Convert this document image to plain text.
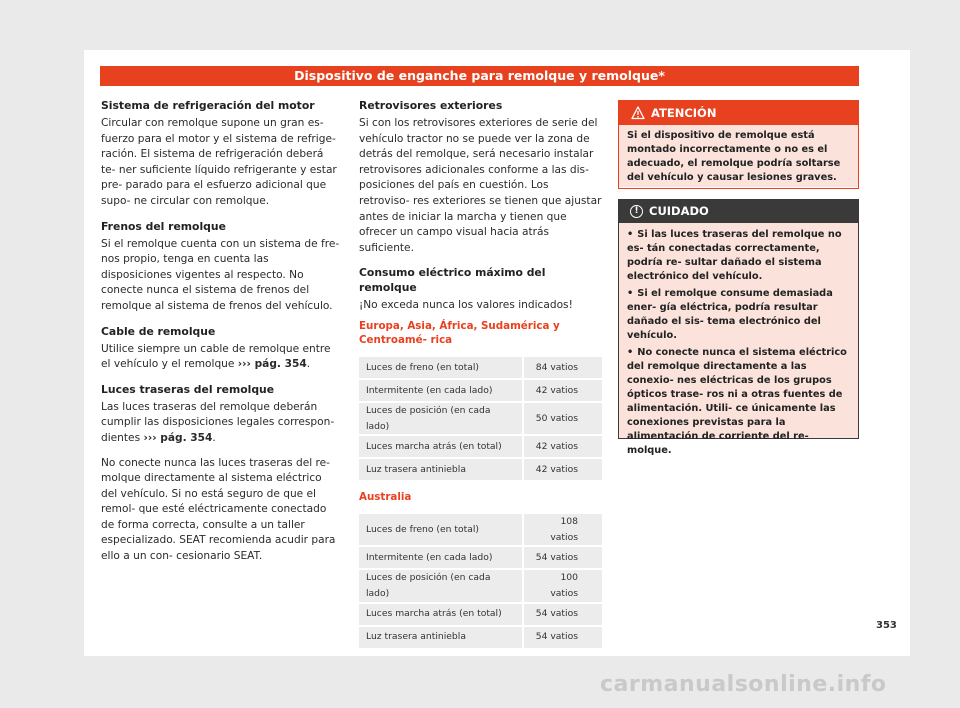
Dispositivo de enganche para remolque y remolque*
Sistema de refrigeración del motor

Circular con remolque supone un gran es- fuerzo para el motor y el sistema de refrige- ración. El sistema de refrigeración deberá te- ner suficiente líquido refrigerante y estar pre- parado para el esfuerzo adicional que supo- ne circular con remolque.

Frenos del remolque

Si el remolque cuenta con un sistema de fre- nos propio, tenga en cuenta las disposiciones vigentes al respecto. No conecte nunca el sistema de frenos del remolque al sistema de frenos del vehículo.

Cable de remolque

Utilice siempre un cable de remolque entre el vehículo y el remolque ››› pág. 354.

Luces traseras del remolque

Las luces traseras del remolque deberán cumplir las disposiciones legales correspon- dientes ››› pág. 354.

No conecte nunca las luces traseras del re- molque directamente al sistema eléctrico del vehículo. Si no está seguro de que el remol- que esté eléctricamente conectado de forma correcta, consulte a un taller especializado. SEAT recomienda acudir para ello a un con- cesionario SEAT.

Retrovisores exteriores

Si con los retrovisores exteriores de serie del vehículo tractor no se puede ver la zona de detrás del remolque, será necesario instalar retrovisores adicionales conforme a las dis- posiciones del país en cuestión. Los retroviso- res exteriores se tienen que ajustar antes de iniciar la marcha y tienen que ofrecer un campo visual hacia atrás suficiente.

Consumo eléctrico máximo del remolque

¡No exceda nunca los valores indicados!

Europa, Asia, África, Sudamérica y Centroamé- rica
Luces de freno (en total)	84 vatios
Intermitente (en cada lado)	42 vatios
Luces de posición (en cada lado)	50 vatios
Luces marcha atrás (en total)	42 vatios
Luz trasera antiniebla	42 vatios
Australia
Luces de freno (en total)	108 vatios
Intermitente (en cada lado)	54 vatios
Luces de posición (en cada lado)	100 vatios
Luces marcha atrás (en total)	54 vatios
Luz trasera antiniebla	54 vatios
ATENCIÓN
Si el dispositivo de remolque está montado incorrectamente o no es el adecuado, el remolque podría soltarse del vehículo y causar lesiones graves.
! CUIDADO
• Si las luces traseras del remolque no es- tán conectadas correctamente, podría re- sultar dañado el sistema electrónico del vehículo.
• Si el remolque consume demasiada ener- gía eléctrica, podría resultar dañado el sis- tema electrónico del vehículo.
• No conecte nunca el sistema eléctrico del remolque directamente a las conexio- nes eléctricas de los grupos ópticos trase- ros ni a otras fuentes de alimentación. Utili- ce únicamente las conexiones previstas para la alimentación de corriente del re- molque.
353
carmanualsonline.info
